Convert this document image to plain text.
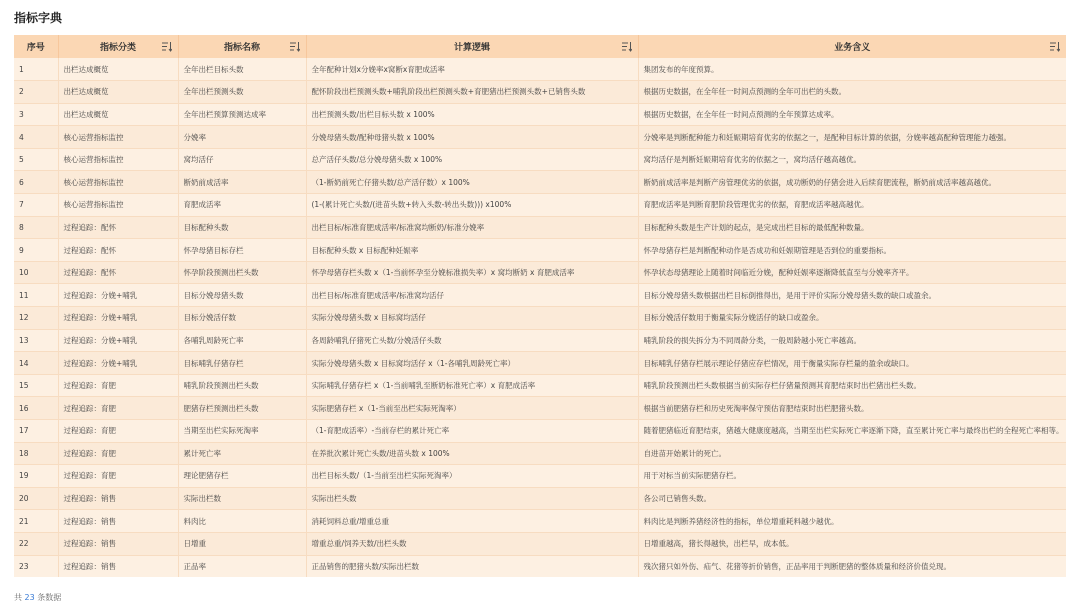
指标字典
序号	指标分类	指标名称	计算逻辑	业务含义

1	出栏达成概览	全年出栏目标头数	全年配种计划x分娩率x窝断x育肥成活率	集团发布的年度预算。
2	出栏达成概览	全年出栏预测头数	配怀阶段出栏预测头数+哺乳阶段出栏预测头数+育肥猪出栏预测头数+已销售头数	根据历史数据，在全年任一时间点预测的全年可出栏的头数。
3	出栏达成概览	全年出栏预算预测达成率	出栏预测头数/出栏目标头数 x 100%	根据历史数据，在全年任一时间点预测的全年预算达成率。
4	核心运营指标监控	分娩率	分娩母猪头数/配种母猪头数 x 100%	分娩率是判断配种能力和妊娠期培育优劣的依据之一，是配种目标计算的依据，分娩率越高配种管理能力越强。
5	核心运营指标监控	窝均活仔	总产活仔头数/总分娩母猪头数 x 100%	窝均活仔是判断妊娠期培育优劣的依据之一，窝均活仔越高越优。
6	核心运营指标监控	断奶前成活率	（1-断奶前死亡仔猪头数/总产活仔数）x 100%	断奶前成活率是判断产房管理优劣的依据，成功断奶的仔猪会进入后续育肥流程，断奶前成活率越高越优。
7	核心运营指标监控	育肥成活率	(1-(累计死亡头数/(进苗头数+转入头数-转出头数))) x100%	育肥成活率是判断育肥阶段管理优劣的依据，育肥成活率越高越优。
8	过程追踪：配怀	目标配种头数	出栏目标/标准育肥成活率/标准窝均断奶/标准分娩率	目标配种头数是生产计划的起点，是完成出栏目标的最低配种数量。
9	过程追踪：配怀	怀孕母猪目标存栏	目标配种头数 x 目标配种妊娠率	怀孕母猪存栏是判断配种动作是否成功和妊娠期管理是否到位的重要指标。
10	过程追踪：配怀	怀孕阶段预测出栏头数	怀孕母猪存栏头数 x（1-当前怀孕至分娩标准损失率）x 窝均断奶 x 育肥成活率	怀孕状态母猪理论上随着时间临近分娩，配种妊娠率逐渐降低直至与分娩率齐平。
11	过程追踪：分娩+哺乳	目标分娩母猪头数	出栏目标/标准育肥成活率/标准窝均活仔	目标分娩母猪头数根据出栏目标倒推得出，是用于评价实际分娩母猪头数的缺口或盈余。
12	过程追踪：分娩+哺乳	目标分娩活仔数	实际分娩母猪头数 x 目标窝均活仔	目标分娩活仔数用于衡量实际分娩活仔的缺口或盈余。
13	过程追踪：分娩+哺乳	各哺乳周龄死亡率	各周龄哺乳仔猪死亡头数/分娩活仔头数	哺乳阶段的损失拆分为不同周龄分类，一般周龄越小死亡率越高。
14	过程追踪：分娩+哺乳	目标哺乳仔猪存栏	实际分娩母猪头数 x 目标窝均活仔 x（1-各哺乳周龄死亡率）	目标哺乳仔猪存栏展示理论仔猪应存栏情况，用于衡量实际存栏量的盈余或缺口。
15	过程追踪：育肥	哺乳阶段预测出栏头数	实际哺乳仔猪存栏 x（1-当前哺乳至断奶标准死亡率）x 育肥成活率	哺乳阶段预测出栏头数根据当前实际存栏仔猪量预测其育肥结束时出栏猪出栏头数。
16	过程追踪：育肥	肥猪存栏预测出栏头数	实际肥猪存栏 x（1-当前至出栏实际死淘率）	根据当前肥猪存栏和历史死淘率保守预估育肥结束时出栏肥猪头数。
17	过程追踪：育肥	当期至出栏实际死淘率	（1-育肥成活率）-当前存栏的累计死亡率	随着肥猪临近育肥结束，猪越大健康度越高，当期至出栏实际死亡率逐渐下降，直至累计死亡率与最终出栏的全程死亡率相等。
18	过程追踪：育肥	累计死亡率	在养批次累计死亡头数/进苗头数 x 100%	自进苗开始累计的死亡。
19	过程追踪：育肥	理论肥猪存栏	出栏目标头数/（1-当前至出栏实际死淘率）	用于对标当前实际肥猪存栏。
20	过程追踪：销售	实际出栏数	实际出栏头数	各公司已销售头数。
21	过程追踪：销售	料肉比	消耗饲料总重/增重总重	料肉比是判断养猪经济性的指标，单位增重耗料越少越优。
22	过程追踪：销售	日增重	增重总重/饲养天数/出栏头数	日增重越高，猪长得越快，出栏早，成本低。
23	过程追踪：销售	正品率	正品销售的肥猪头数/实际出栏数	残次猪只如外伤、疝气、花猪等折价销售，正品率用于判断肥猪的整体质量和经济价值兑现。
共 23 条数据
